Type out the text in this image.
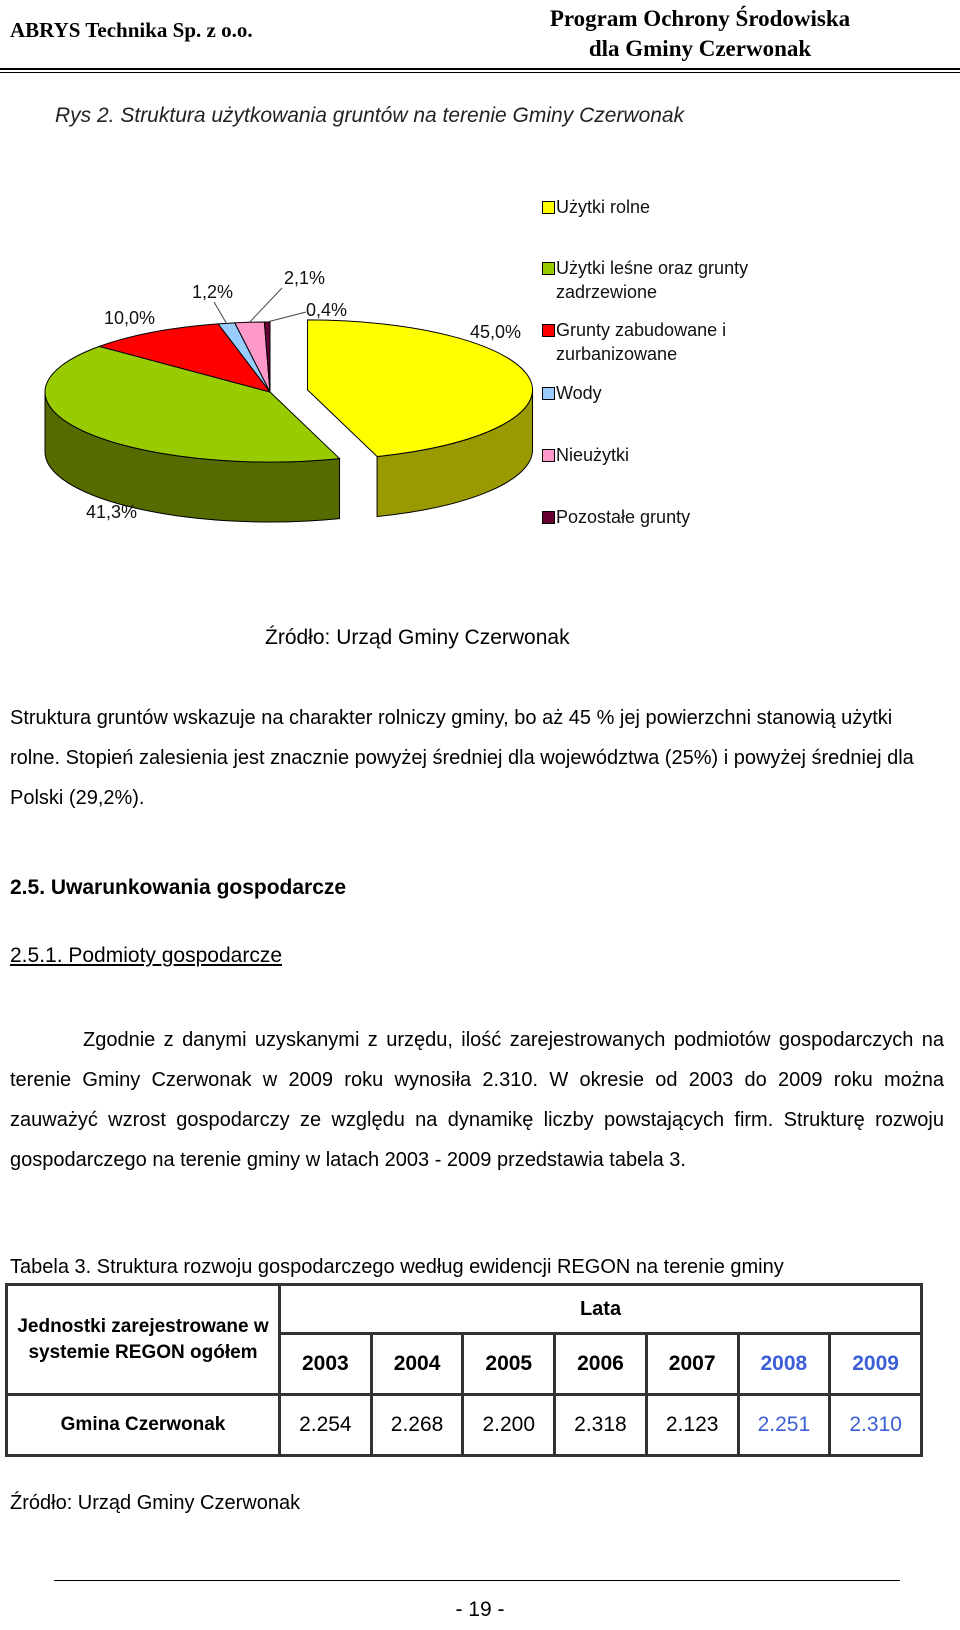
ABRYS Technika Sp. z o.o.	Program Ochrony Środowiska
dla Gminy Czerwonak
Rys 2. Struktura użytkowania gruntów na terenie Gminy Czerwonak
45,0%
41,3%
10,0%
1,2%
2,1%
0,4%
Użytki rolne
Użytki leśne oraz grunty zadrzewione
Grunty zabudowane i zurbanizowane
Wody
Nieużytki
Pozostałe grunty
Źródło: Urząd Gminy Czerwonak
Struktura gruntów wskazuje na charakter rolniczy gminy, bo aż 45 % jej powierzchni stanowią użytki rolne. Stopień zalesienia jest znacznie powyżej średniej dla województwa (25%) i powyżej średniej dla Polski (29,2%).
2.5. Uwarunkowania gospodarcze
2.5.1. Podmioty gospodarcze
Zgodnie z danymi uzyskanymi z urzędu, ilość zarejestrowanych podmiotów gospodarczych na terenie Gminy Czerwonak w 2009 roku wynosiła 2.310. W okresie od 2003 do 2009 roku można zauważyć wzrost gospodarczy ze względu na dynamikę liczby powstających firm. Strukturę rozwoju gospodarczego na terenie gminy w latach 2003 - 2009 przedstawia tabela 3.
Tabela 3. Struktura rozwoju gospodarczego według ewidencji REGON na terenie gminy
Jednostki zarejestrowane w systemie REGON ogółem	Lata						
	2003	2004	2005	2006	2007	2008	2009
Gmina Czerwonak	2.254	2.268	2.200	2.318	2.123	2.251	2.310
Źródło: Urząd Gminy Czerwonak
- 19 -
